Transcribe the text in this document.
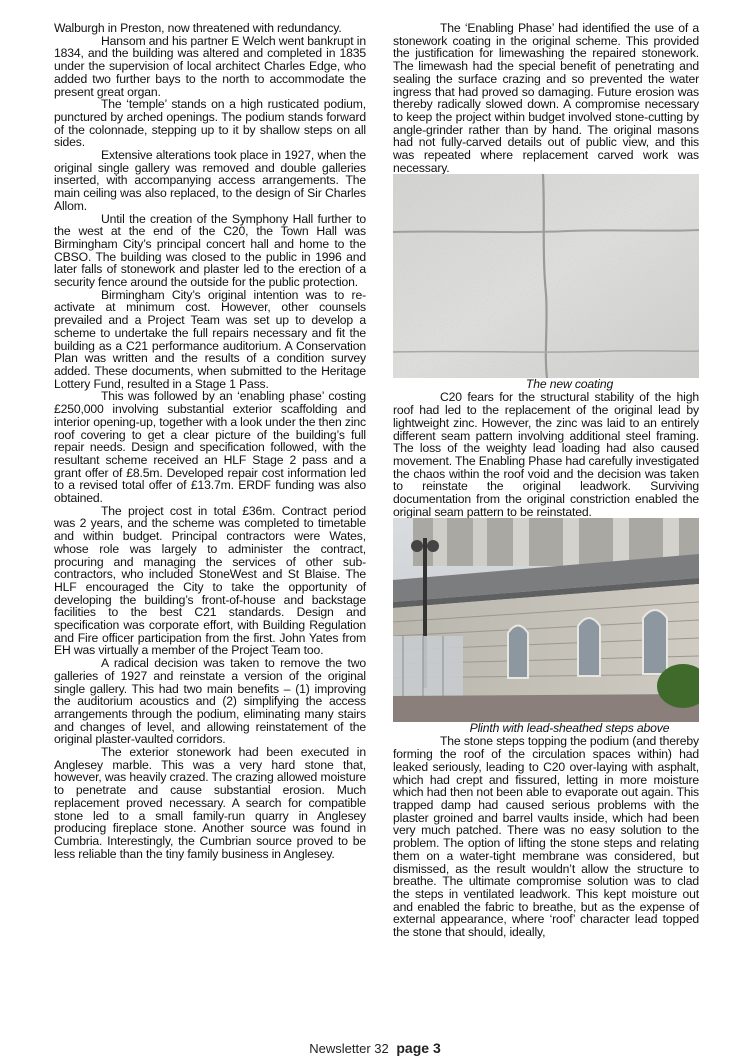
Walburgh in Preston, now threatened with redundancy.

Hansom and his partner E Welch went bankrupt in 1834, and the building was altered and completed in 1835 under the supervision of local architect Charles Edge, who added two further bays to the north to accommodate the present great organ.

The ‘temple’ stands on a high rusticated podium, punctured by arched openings. The podium stands forward of the colonnade, stepping up to it by shallow steps on all sides.

Extensive alterations took place in 1927, when the original single gallery was removed and double galleries inserted, with accompanying access arrangements. The main ceiling was also replaced, to the design of Sir Charles Allom.

Until the creation of the Symphony Hall further to the west at the end of the C20, the Town Hall was Birmingham City’s principal concert hall and home to the CBSO. The building was closed to the public in 1996 and later falls of stonework and plaster led to the erection of a security fence around the outside for the public protection.

Birmingham City’s original intention was to re-activate at minimum cost. However, other counsels prevailed and a Project Team was set up to develop a scheme to undertake the full repairs necessary and fit the building as a C21 performance auditorium. A Conservation Plan was written and the results of a condition survey added. These documents, when submitted to the Heritage Lottery Fund, resulted in a Stage 1 Pass.

This was followed by an ‘enabling phase’ costing £250,000 involving substantial exterior scaffolding and interior opening-up, together with a look under the then zinc roof covering to get a clear picture of the building’s full repair needs. Design and specification followed, with the resultant scheme received an HLF Stage 2 pass and a grant offer of £8.5m. Developed repair cost information led to a revised total offer of £13.7m. ERDF funding was also obtained.

The project cost in total £36m. Contract period was 2 years, and the scheme was completed to timetable and within budget. Principal contractors were Wates, whose role was largely to administer the contract, procuring and managing the services of other sub-contractors, who included StoneWest and St Blaise. The HLF encouraged the City to take the opportunity of developing the building’s front-of-house and backstage facilities to the best C21 standards. Design and specification was corporate effort, with Building Regulation and Fire officer participation from the first. John Yates from EH was virtually a member of the Project Team too.

A radical decision was taken to remove the two galleries of 1927 and reinstate a version of the original single gallery. This had two main benefits – (1) improving the auditorium acoustics and (2) simplifying the access arrangements through the podium, eliminating many stairs and changes of level, and allowing reinstatement of the original plaster-vaulted corridors.

The exterior stonework had been executed in Anglesey marble. This was a very hard stone that, however, was heavily crazed. The crazing allowed moisture to penetrate and cause substantial erosion. Much replacement proved necessary. A search for compatible stone led to a small family-run quarry in Anglesey producing fireplace stone. Another source was found in Cumbria. Interestingly, the Cumbrian source proved to be less reliable than the tiny family business in Anglesey.

The ‘Enabling Phase’ had identified the use of a stonework coating in the original scheme. This provided the justification for limewashing the repaired stonework. The limewash had the special benefit of penetrating and sealing the surface crazing and so prevented the water ingress that had proved so damaging. Future erosion was thereby radically slowed down. A compromise necessary to keep the project within budget involved stone-cutting by angle-grinder rather than by hand. The original masons had not fully-carved details out of public view, and this was repeated where replacement carved work was necessary.

The new coating

C20 fears for the structural stability of the high roof had led to the replacement of the original lead by lightweight zinc. However, the zinc was laid to an entirely different seam pattern involving additional steel framing. The loss of the weighty lead loading had also caused movement. The Enabling Phase had carefully investigated the chaos within the roof void and the decision was taken to reinstate the original leadwork. Surviving documentation from the original constriction enabled the original seam pattern to be reinstated.

Plinth with lead-sheathed steps above

The stone steps topping the podium (and thereby forming the roof of the circulation spaces within) had leaked seriously, leading to C20 over-laying with asphalt, which had crept and fissured, letting in more moisture which had then not been able to evaporate out again. This trapped damp had caused serious problems with the plaster groined and barrel vaults inside, which had been very much patched. There was no easy solution to the problem. The option of lifting the stone steps and relating them on a water-tight membrane was considered, but dismissed, as the result wouldn’t allow the structure to breathe. The ultimate compromise solution was to clad the steps in ventilated leadwork. This kept moisture out and enabled the fabric to breathe, but as the expense of external appearance, where ‘roof’ character lead topped the stone that should, ideally,

Newsletter 32 page 3
